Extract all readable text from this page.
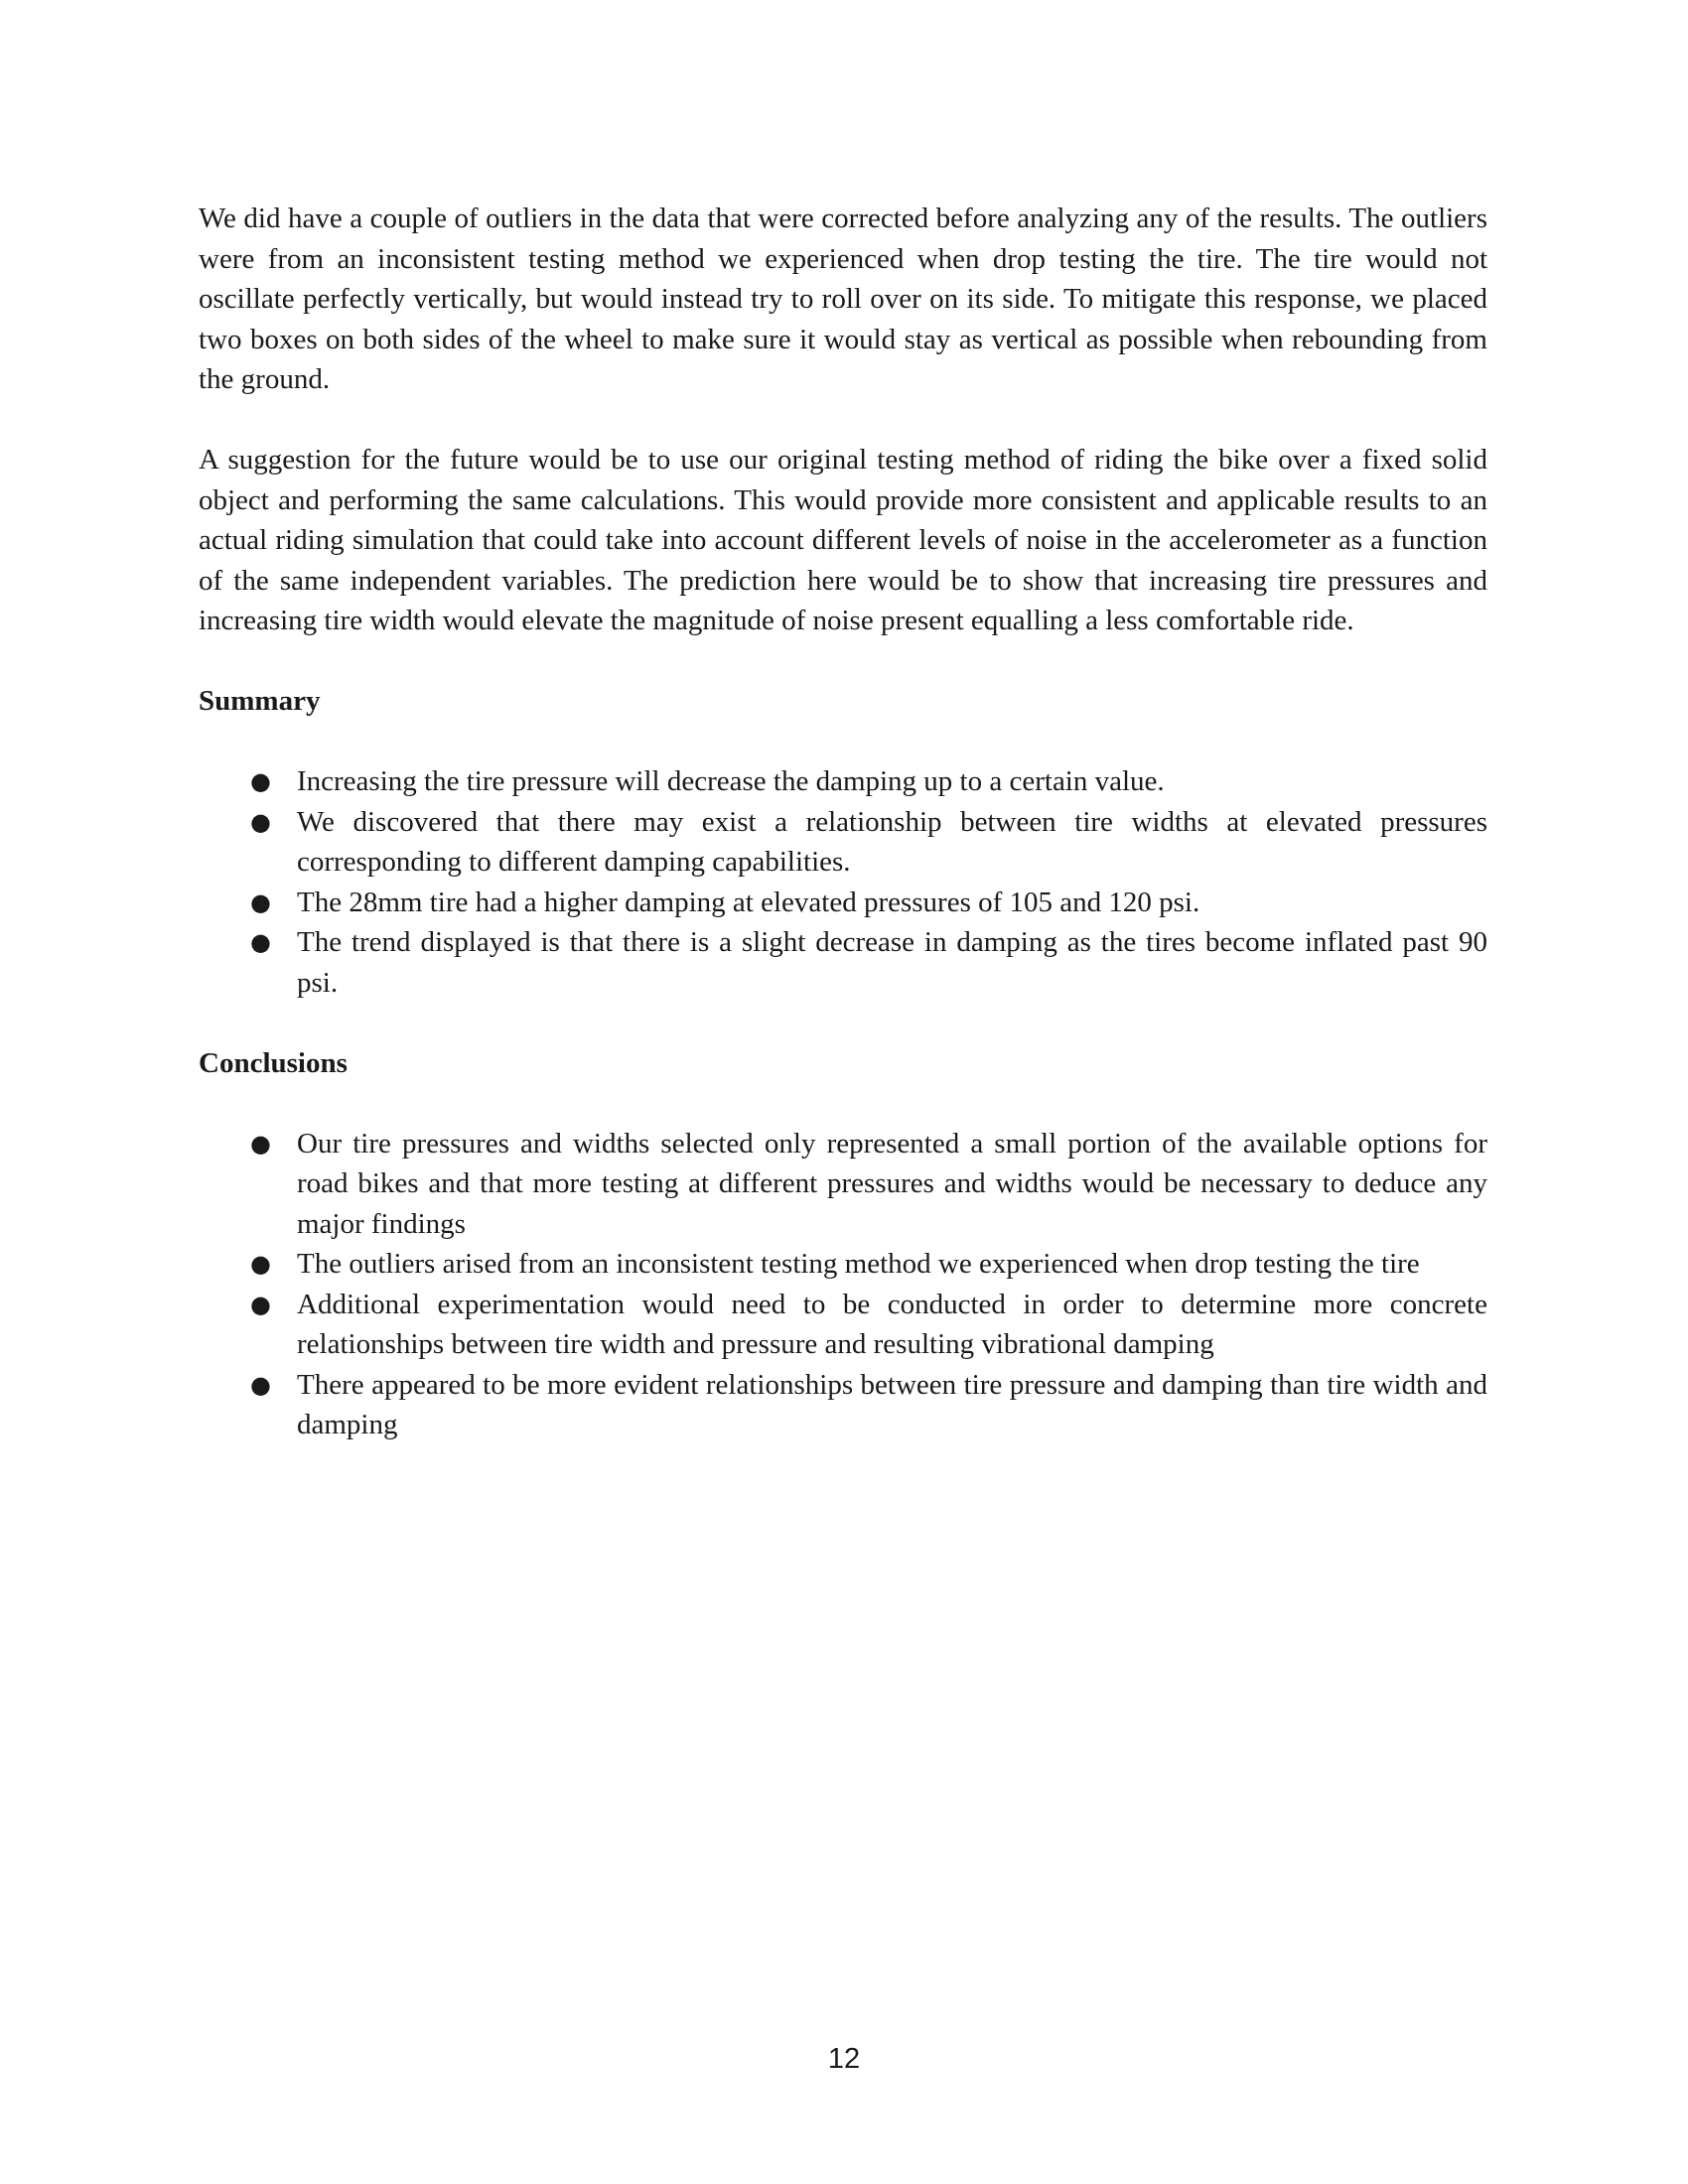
We did have a couple of outliers in the data that were corrected before analyzing any of the results. The outliers were from an inconsistent testing method we experienced when drop testing the tire. The tire would not oscillate perfectly vertically, but would instead try to roll over on its side. To mitigate this response, we placed two boxes on both sides of the wheel to make sure it would stay as vertical as possible when rebounding from the ground.

A suggestion for the future would be to use our original testing method of riding the bike over a fixed solid object and performing the same calculations. This would provide more consistent and applicable results to an actual riding simulation that could take into account different levels of noise in the accelerometer as a function of the same independent variables. The prediction here would be to show that increasing tire pressures and increasing tire width would elevate the magnitude of noise present equalling a less comfortable ride.

Summary
● Increasing the tire pressure will decrease the damping up to a certain value.
● We discovered that there may exist a relationship between tire widths at elevated pressures corresponding to different damping capabilities.
● The 28mm tire had a higher damping at elevated pressures of 105 and 120 psi.
● The trend displayed is that there is a slight decrease in damping as the tires become inflated past 90 psi.
Conclusions
● Our tire pressures and widths selected only represented a small portion of the available options for road bikes and that more testing at different pressures and widths would be necessary to deduce any major findings
● The outliers arised from an inconsistent testing method we experienced when drop testing the tire
● Additional experimentation would need to be conducted in order to determine more concrete relationships between tire width and pressure and resulting vibrational damping
● There appeared to be more evident relationships between tire pressure and damping than tire width and damping
12
